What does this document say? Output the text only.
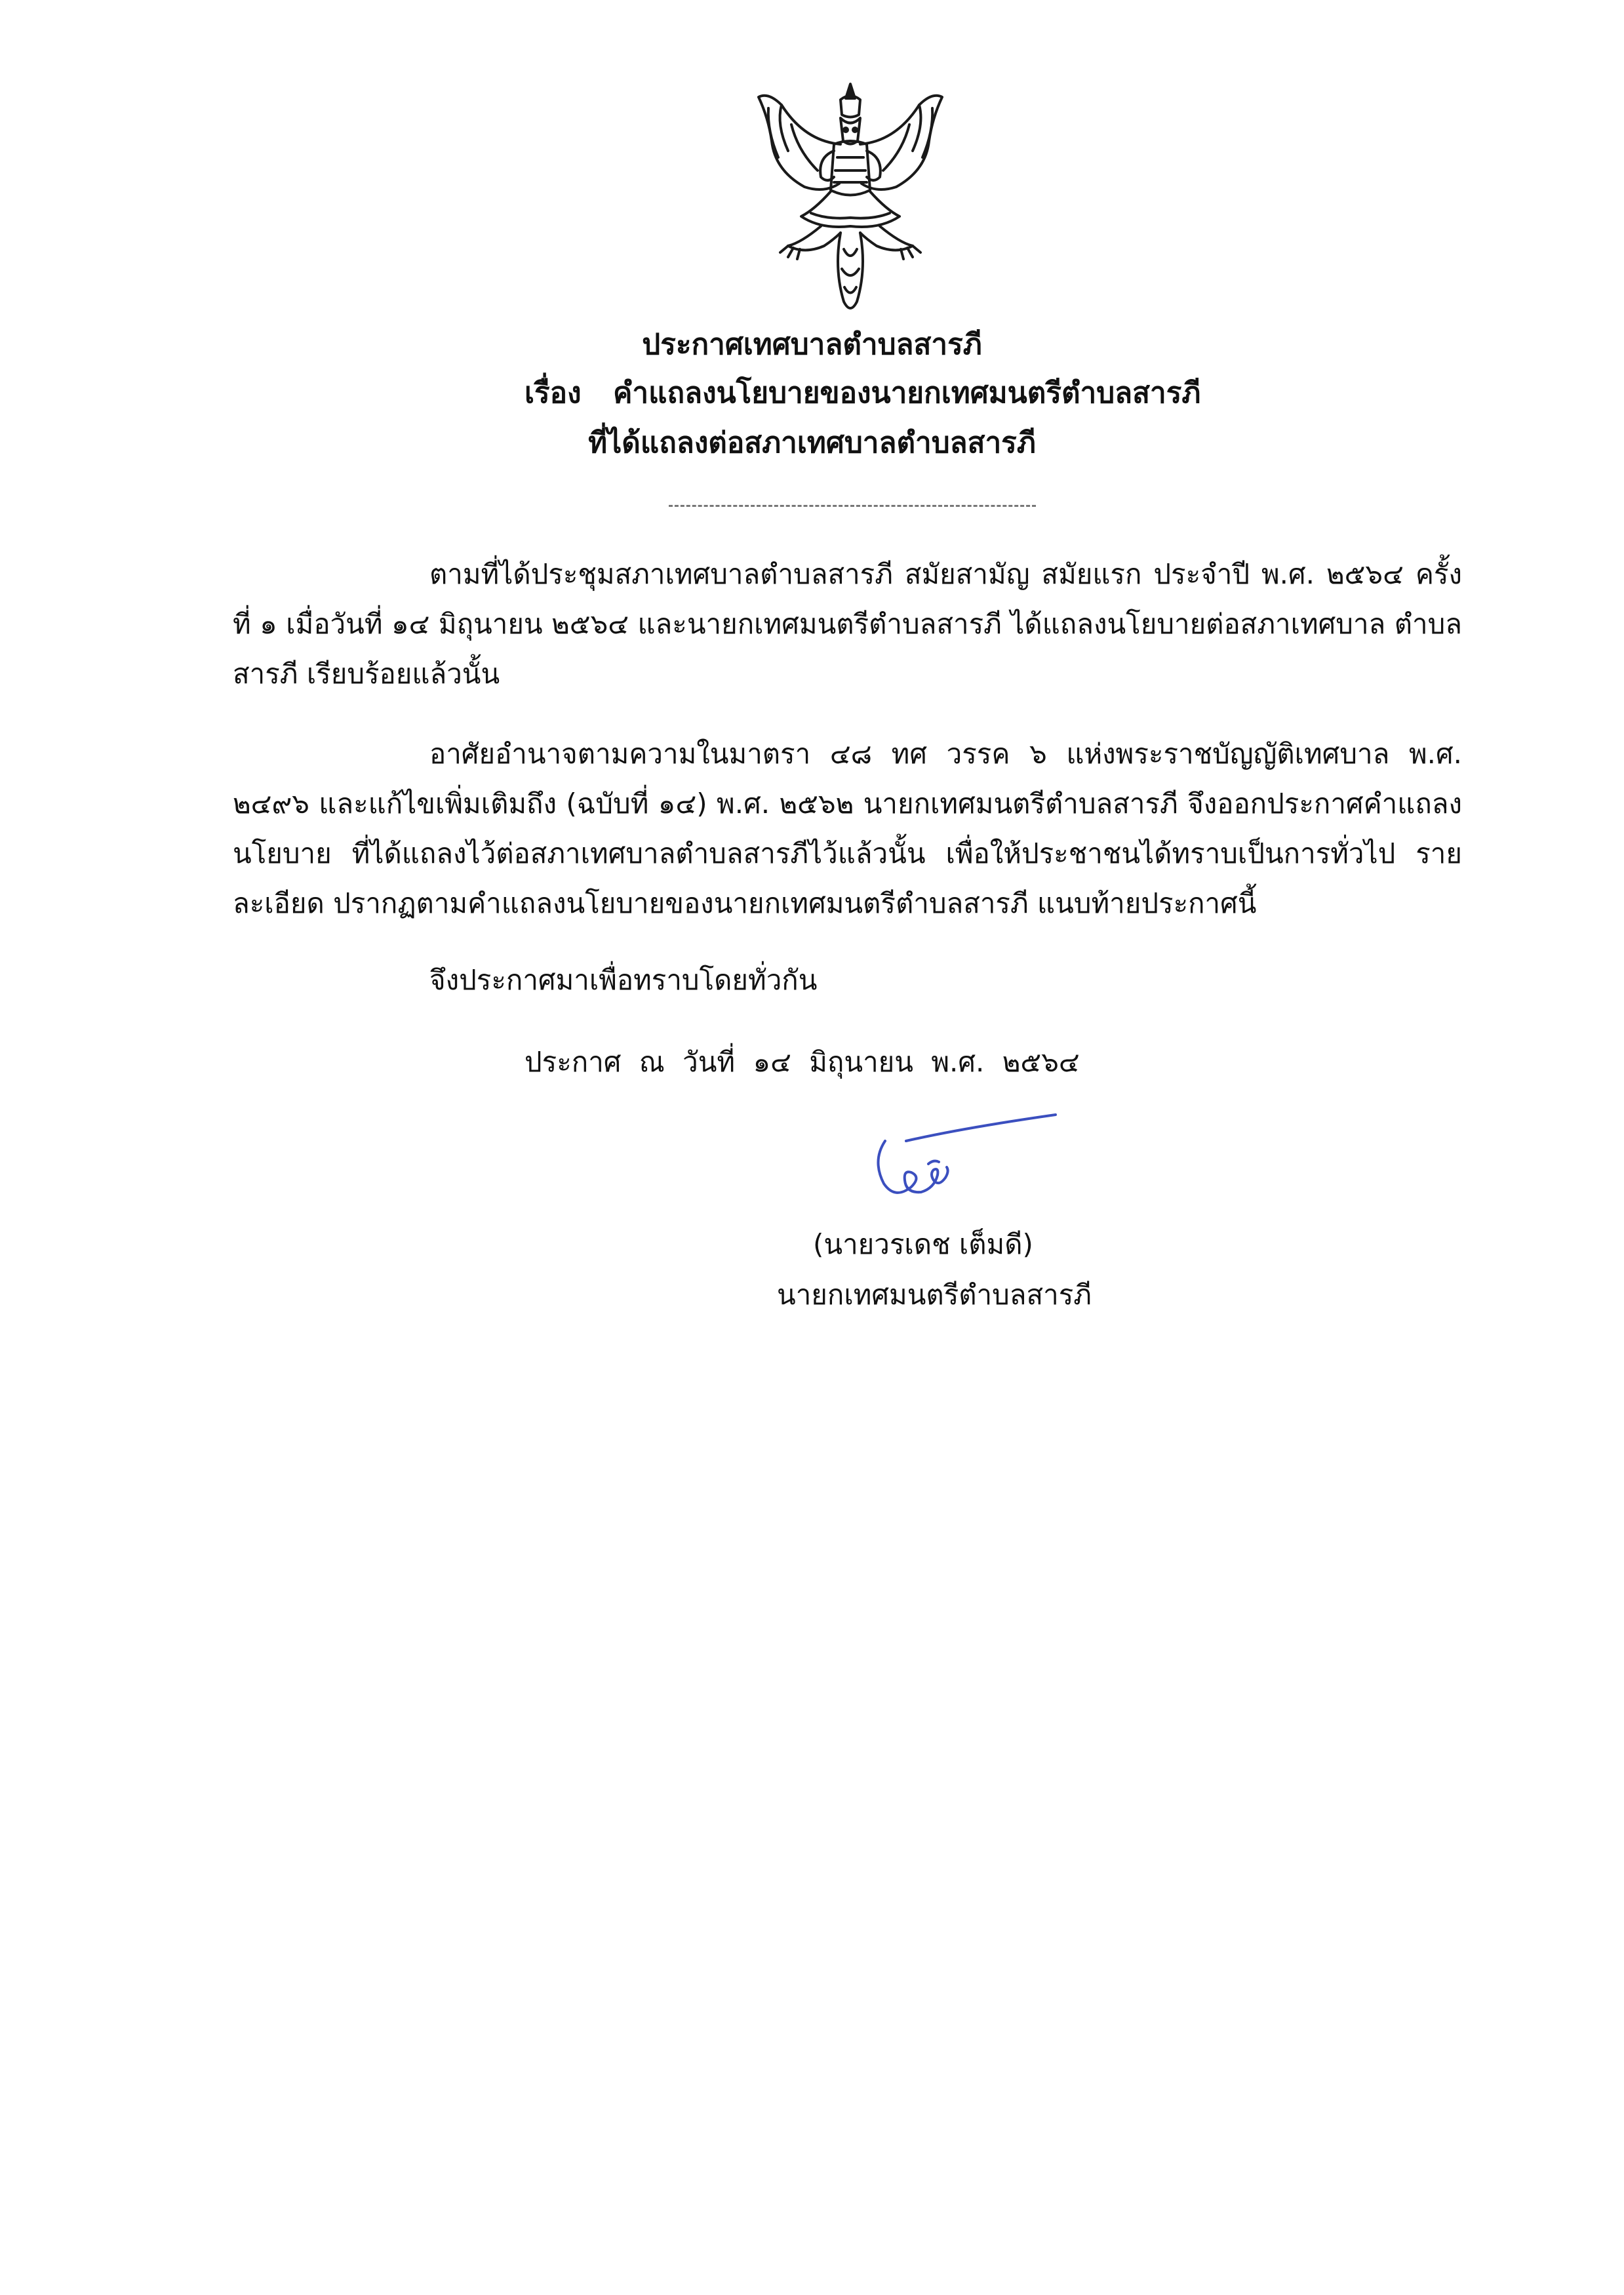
ประกาศเทศบาลตำบลสารภี
เรื่อง คำแถลงนโยบายของนายกเทศมนตรีตำบลสารภี
ที่ได้แถลงต่อสภาเทศบาลตำบลสารภี
ตามที่ได้ประชุมสภาเทศบาลตำบลสารภี สมัยสามัญ สมัยแรก ประจำปี พ.ศ. ๒๕๖๔ ครั้งที่ ๑ เมื่อวันที่ ๑๔ มิถุนายน ๒๕๖๔ และนายกเทศมนตรีตำบลสารภี ได้แถลงนโยบายต่อสภาเทศบาล ตำบลสารภี เรียบร้อยแล้วนั้น
อาศัยอำนาจตามความในมาตรา ๔๘ ทศ วรรค ๖ แห่งพระราชบัญญัติเทศบาล พ.ศ. ๒๔๙๖ และแก้ไขเพิ่มเติมถึง (ฉบับที่ ๑๔) พ.ศ. ๒๕๖๒ นายกเทศมนตรีตำบลสารภี จึงออกประกาศคำแถลงนโยบาย ที่ได้แถลงไว้ต่อสภาเทศบาลตำบลสารภีไว้แล้วนั้น เพื่อให้ประชาชนได้ทราบเป็นการทั่วไป รายละเอียด ปรากฏตามคำแถลงนโยบายของนายกเทศมนตรีตำบลสารภี แนบท้ายประกาศนี้
จึงประกาศมาเพื่อทราบโดยทั่วกัน
ประกาศ ณ วันที่ ๑๔ มิถุนายน พ.ศ. ๒๕๖๔
(นายวรเดช เต็มดี)
นายกเทศมนตรีตำบลสารภี
